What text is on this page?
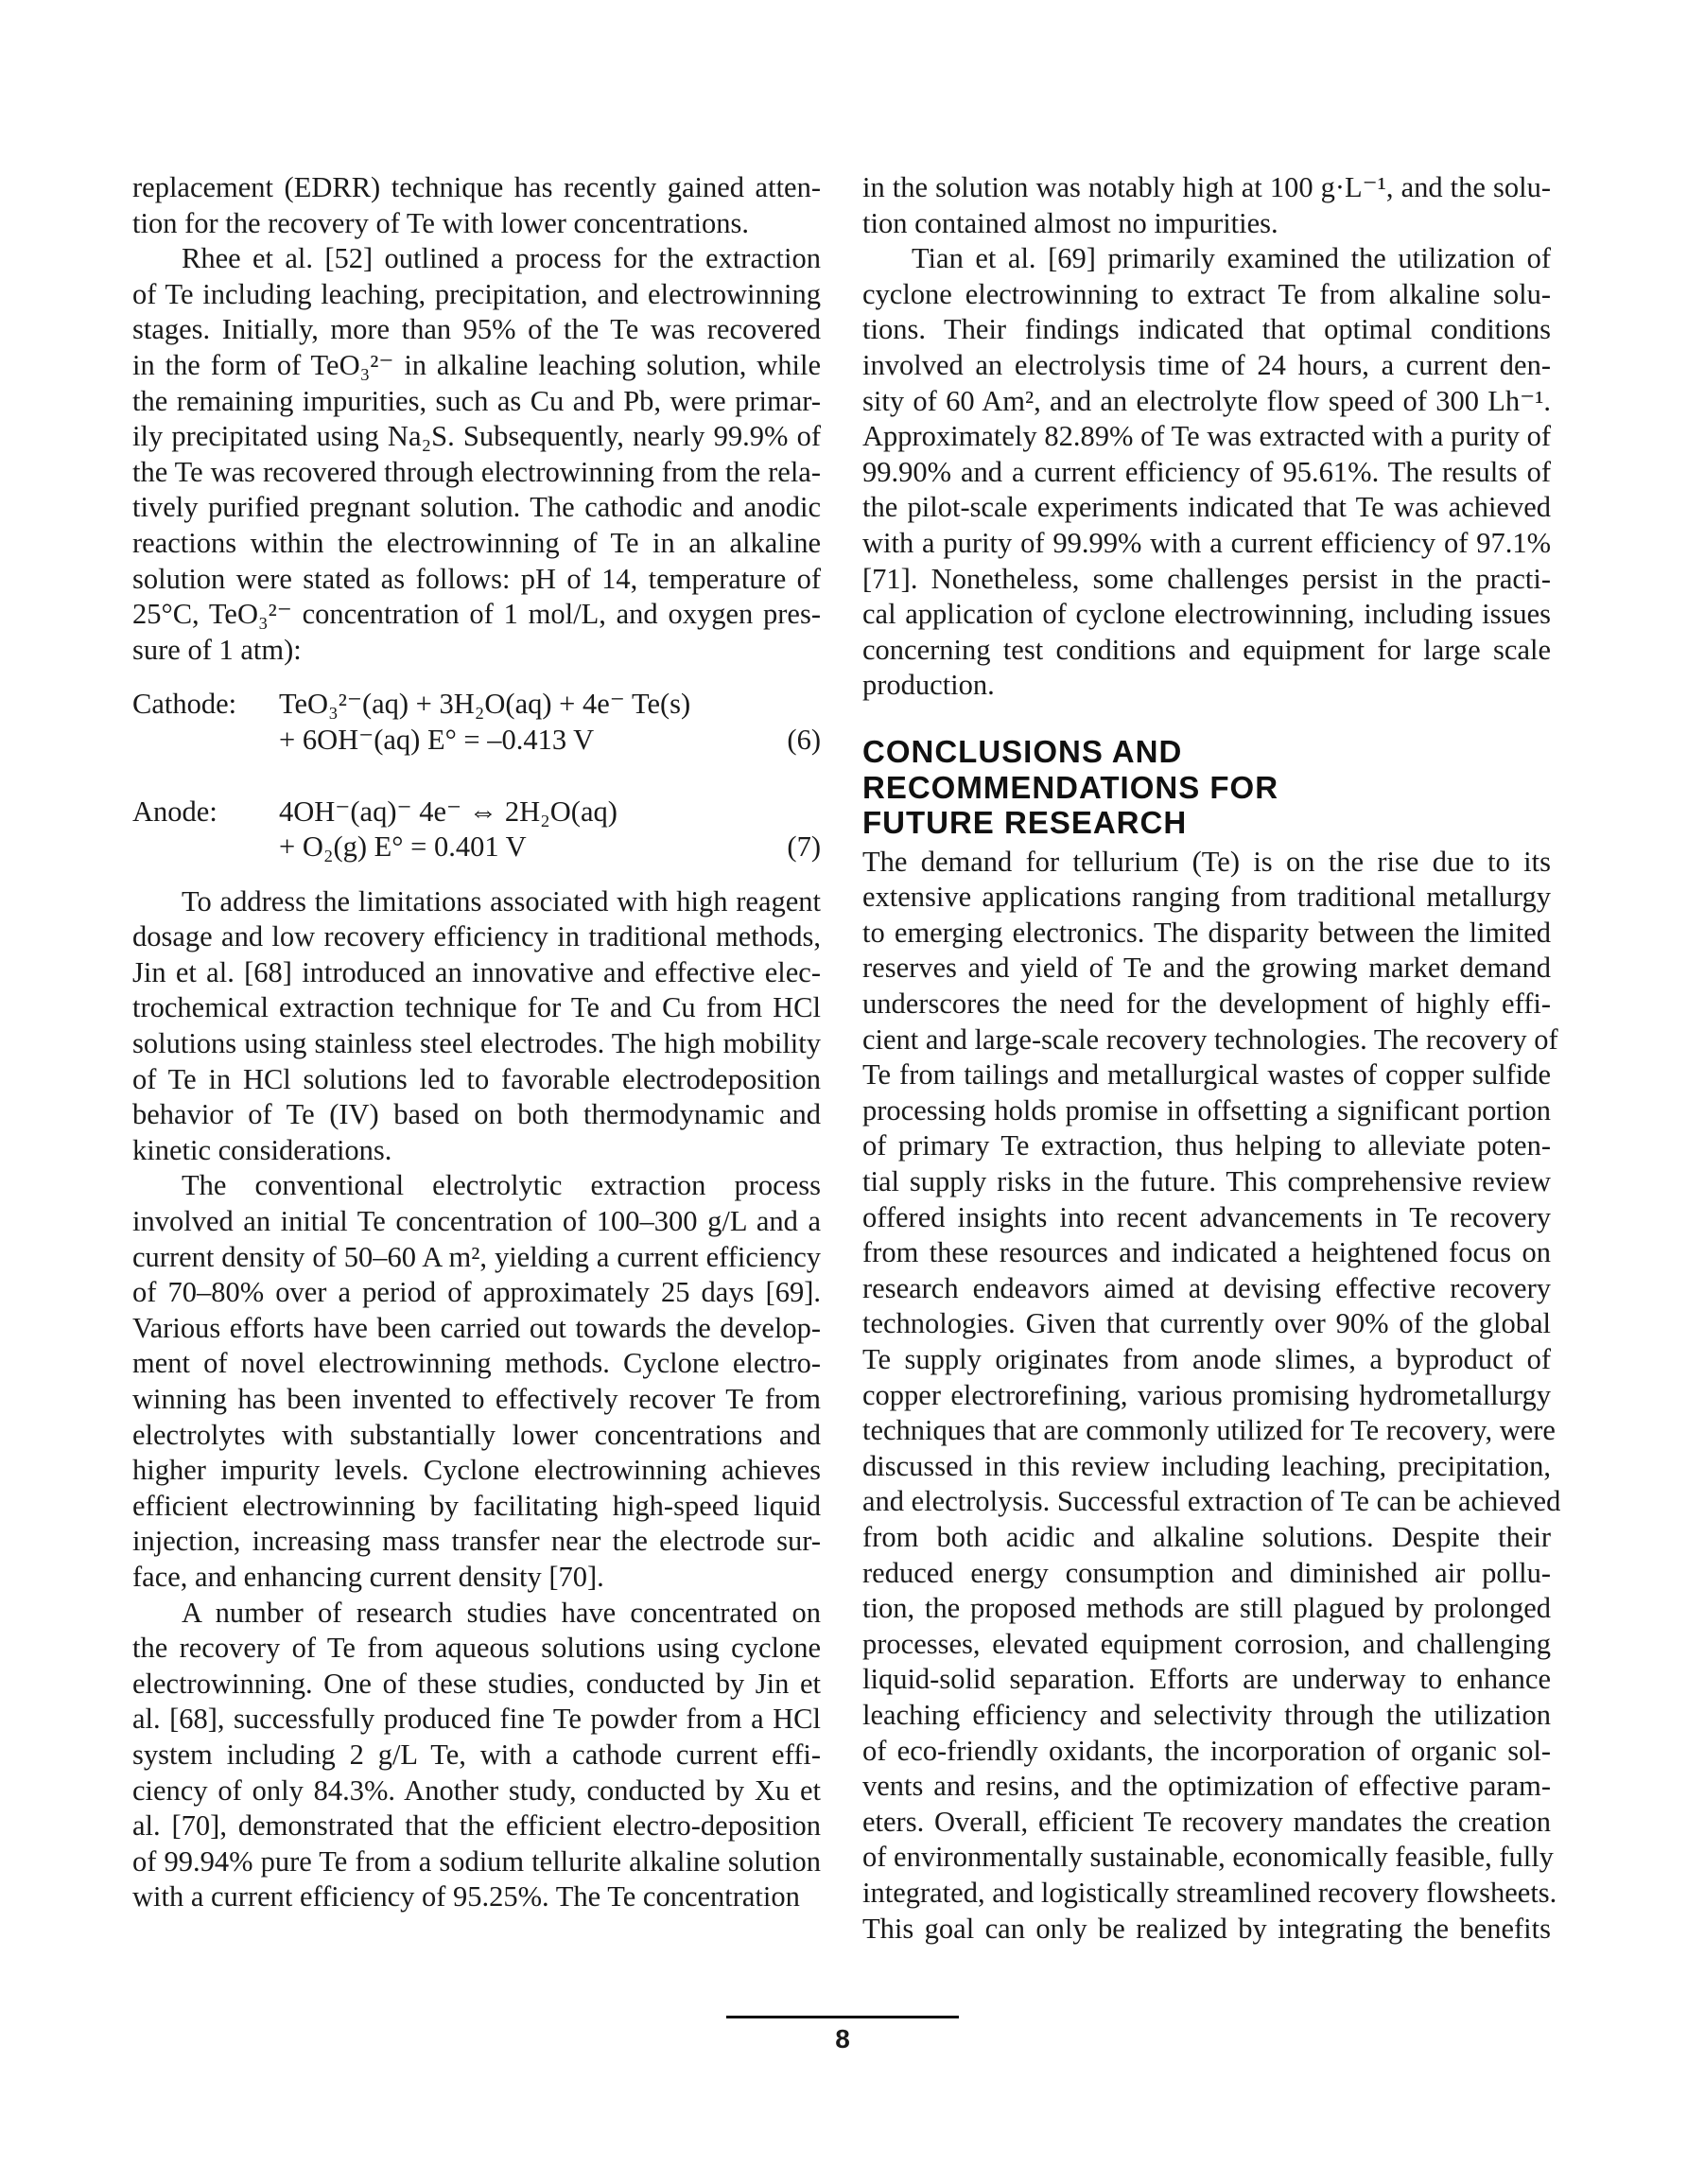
replacement (EDRR) technique has recently gained atten-
tion for the recovery of Te with lower concentrations.
Rhee et al. [52] outlined a process for the extraction
of Te including leaching, precipitation, and electrowinning
stages. Initially, more than 95% of the Te was recovered
in the form of TeO₃²⁻ in alkaline leaching solution, while
the remaining impurities, such as Cu and Pb, were primar-
ily precipitated using Na₂S. Subsequently, nearly 99.9% of
the Te was recovered through electrowinning from the rela-
tively purified pregnant solution. The cathodic and anodic
reactions within the electrowinning of Te in an alkaline
solution were stated as follows: pH of 14, temperature of
25°C, TeO₃²⁻ concentration of 1 mol/L, and oxygen pres-
sure of 1 atm):
Cathode: TeO₃²⁻(aq) + 3H₂O(aq) + 4e⁻ Te(s)
+ 6OH⁻(aq) E° = –0.413 V	(6)
Anode: 4OH⁻(aq)⁻ 4e⁻ ⇔ 2H₂O(aq)
+ O₂(g) E° = 0.401 V	(7)
To address the limitations associated with high reagent
dosage and low recovery efficiency in traditional methods,
Jin et al. [68] introduced an innovative and effective elec-
trochemical extraction technique for Te and Cu from HCl
solutions using stainless steel electrodes. The high mobility
of Te in HCl solutions led to favorable electrodeposition
behavior of Te (IV) based on both thermodynamic and
kinetic considerations.
The conventional electrolytic extraction process
involved an initial Te concentration of 100–300 g/L and a
current density of 50–60 A m², yielding a current efficiency
of 70–80% over a period of approximately 25 days [69].
Various efforts have been carried out towards the develop-
ment of novel electrowinning methods. Cyclone electro-
winning has been invented to effectively recover Te from
electrolytes with substantially lower concentrations and
higher impurity levels. Cyclone electrowinning achieves
efficient electrowinning by facilitating high-speed liquid
injection, increasing mass transfer near the electrode sur-
face, and enhancing current density [70].
A number of research studies have concentrated on
the recovery of Te from aqueous solutions using cyclone
electrowinning. One of these studies, conducted by Jin et
al. [68], successfully produced fine Te powder from a HCl
system including 2 g/L Te, with a cathode current effi-
ciency of only 84.3%. Another study, conducted by Xu et
al. [70], demonstrated that the efficient electro-deposition
of 99.94% pure Te from a sodium tellurite alkaline solution
with a current efficiency of 95.25%. The Te concentration
in the solution was notably high at 100 g·L⁻¹, and the solu-
tion contained almost no impurities.
Tian et al. [69] primarily examined the utilization of
cyclone electrowinning to extract Te from alkaline solu-
tions. Their findings indicated that optimal conditions
involved an electrolysis time of 24 hours, a current den-
sity of 60 Am², and an electrolyte flow speed of 300 Lh⁻¹.
Approximately 82.89% of Te was extracted with a purity of
99.90% and a current efficiency of 95.61%. The results of
the pilot-scale experiments indicated that Te was achieved
with a purity of 99.99% with a current efficiency of 97.1%
[71]. Nonetheless, some challenges persist in the practi-
cal application of cyclone electrowinning, including issues
concerning test conditions and equipment for large scale
production.
CONCLUSIONS AND
RECOMMENDATIONS FOR
FUTURE RESEARCH
The demand for tellurium (Te) is on the rise due to its
extensive applications ranging from traditional metallurgy
to emerging electronics. The disparity between the limited
reserves and yield of Te and the growing market demand
underscores the need for the development of highly effi-
cient and large-scale recovery technologies. The recovery of
Te from tailings and metallurgical wastes of copper sulfide
processing holds promise in offsetting a significant portion
of primary Te extraction, thus helping to alleviate poten-
tial supply risks in the future. This comprehensive review
offered insights into recent advancements in Te recovery
from these resources and indicated a heightened focus on
research endeavors aimed at devising effective recovery
technologies. Given that currently over 90% of the global
Te supply originates from anode slimes, a byproduct of
copper electrorefining, various promising hydrometallurgy
techniques that are commonly utilized for Te recovery, were
discussed in this review including leaching, precipitation,
and electrolysis. Successful extraction of Te can be achieved
from both acidic and alkaline solutions. Despite their
reduced energy consumption and diminished air pollu-
tion, the proposed methods are still plagued by prolonged
processes, elevated equipment corrosion, and challenging
liquid-solid separation. Efforts are underway to enhance
leaching efficiency and selectivity through the utilization
of eco-friendly oxidants, the incorporation of organic sol-
vents and resins, and the optimization of effective param-
eters. Overall, efficient Te recovery mandates the creation
of environmentally sustainable, economically feasible, fully
integrated, and logistically streamlined recovery flowsheets.
This goal can only be realized by integrating the benefits
8
